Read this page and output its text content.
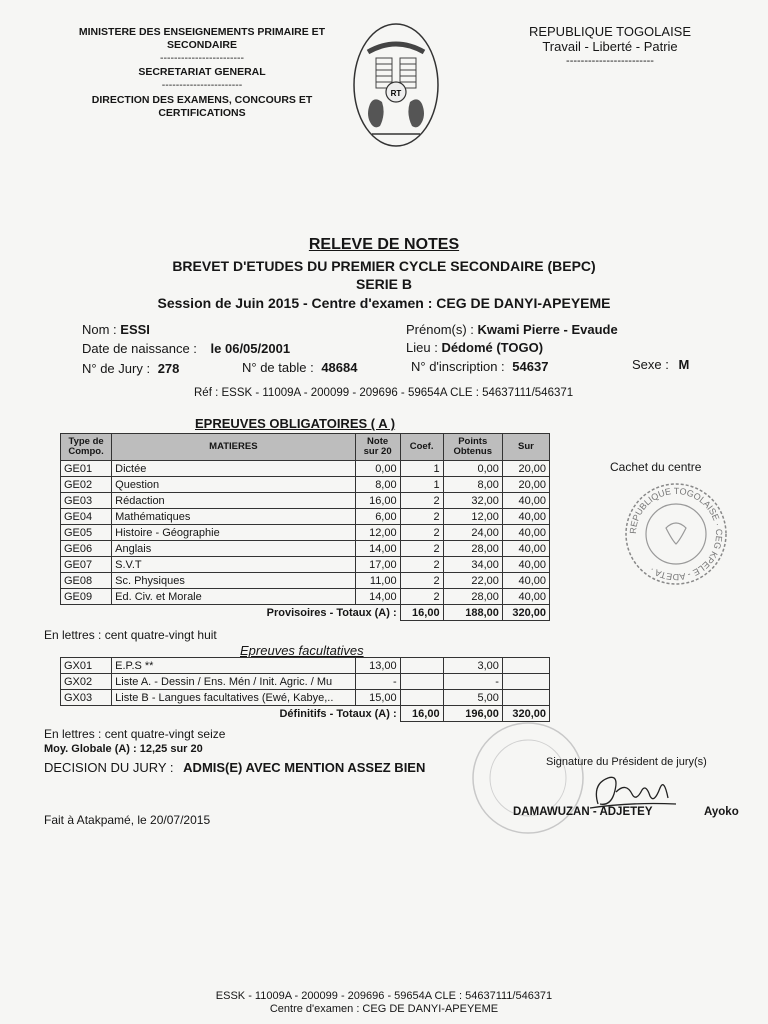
MINISTERE DES ENSEIGNEMENTS PRIMAIRE ET
SECONDAIRE
------------------------
SECRETARIAT GENERAL
-----------------------
DIRECTION DES EXAMENS, CONCOURS ET
CERTIFICATIONS
RT
REPUBLIQUE TOGOLAISE
Travail - Liberté - Patrie
------------------------
RELEVE DE NOTES
BREVET D'ETUDES DU PREMIER CYCLE SECONDAIRE (BEPC)
SERIE B
Session de Juin 2015 - Centre d'examen : CEG DE DANYI-APEYEME
Nom : ESSI	Prénom(s) : Kwami Pierre - Evaude
Date de naissance : le 06/05/2001	Lieu : Dédomé (TOGO)
N° de Jury : 278	N° de table : 48684	N° d'inscription : 54637	Sexe : M
Réf : ESSK - 11009A - 200099 - 209696 - 59654A CLE : 54637111/546371
EPREUVES OBLIGATOIRES ( A )
Type de Compo.	MATIERES	Note sur 20	Coef.	Points Obtenus	Sur
GE01	Dictée	0,00	1	0,00	20,00
GE02	Question	8,00	1	8,00	20,00
GE03	Rédaction	16,00	2	32,00	40,00
GE04	Mathématiques	6,00	2	12,00	40,00
GE05	Histoire - Géographie	12,00	2	24,00	40,00
GE06	Anglais	14,00	2	28,00	40,00
GE07	S.V.T	17,00	2	34,00	40,00
GE08	Sc. Physiques	11,00	2	22,00	40,00
GE09	Ed. Civ. et Morale	14,00	2	28,00	40,00
Provisoires - Totaux (A) :			16,00	188,00	320,00
En lettres : cent quatre-vingt huit
Epreuves facultatives
GX01	E.P.S **	13,00		3,00	
GX02	Liste A. - Dessin / Ens. Mén / Init. Agric. / Mu	-		-	
GX03	Liste B - Langues facultatives (Ewé, Kabye,..	15,00		5,00	
Définitifs - Totaux (A) :			16,00	196,00	320,00
En lettres : cent quatre-vingt seize
Moy. Globale (A) : 12,25 sur 20
DECISION DU JURY : ADMIS(E) AVEC MENTION ASSEZ BIEN
Cachet du centre
REPUBLIQUE TOGOLAISE · CEG KPELE - ADETA ·
Signature du Président de jury(s)
DAMAWUZAN - ADJETEY	Ayoko
Fait à Atakpamé, le 20/07/2015
ESSK - 11009A - 200099 - 209696 - 59654A CLE : 54637111/546371
Centre d'examen : CEG DE DANYI-APEYEME
